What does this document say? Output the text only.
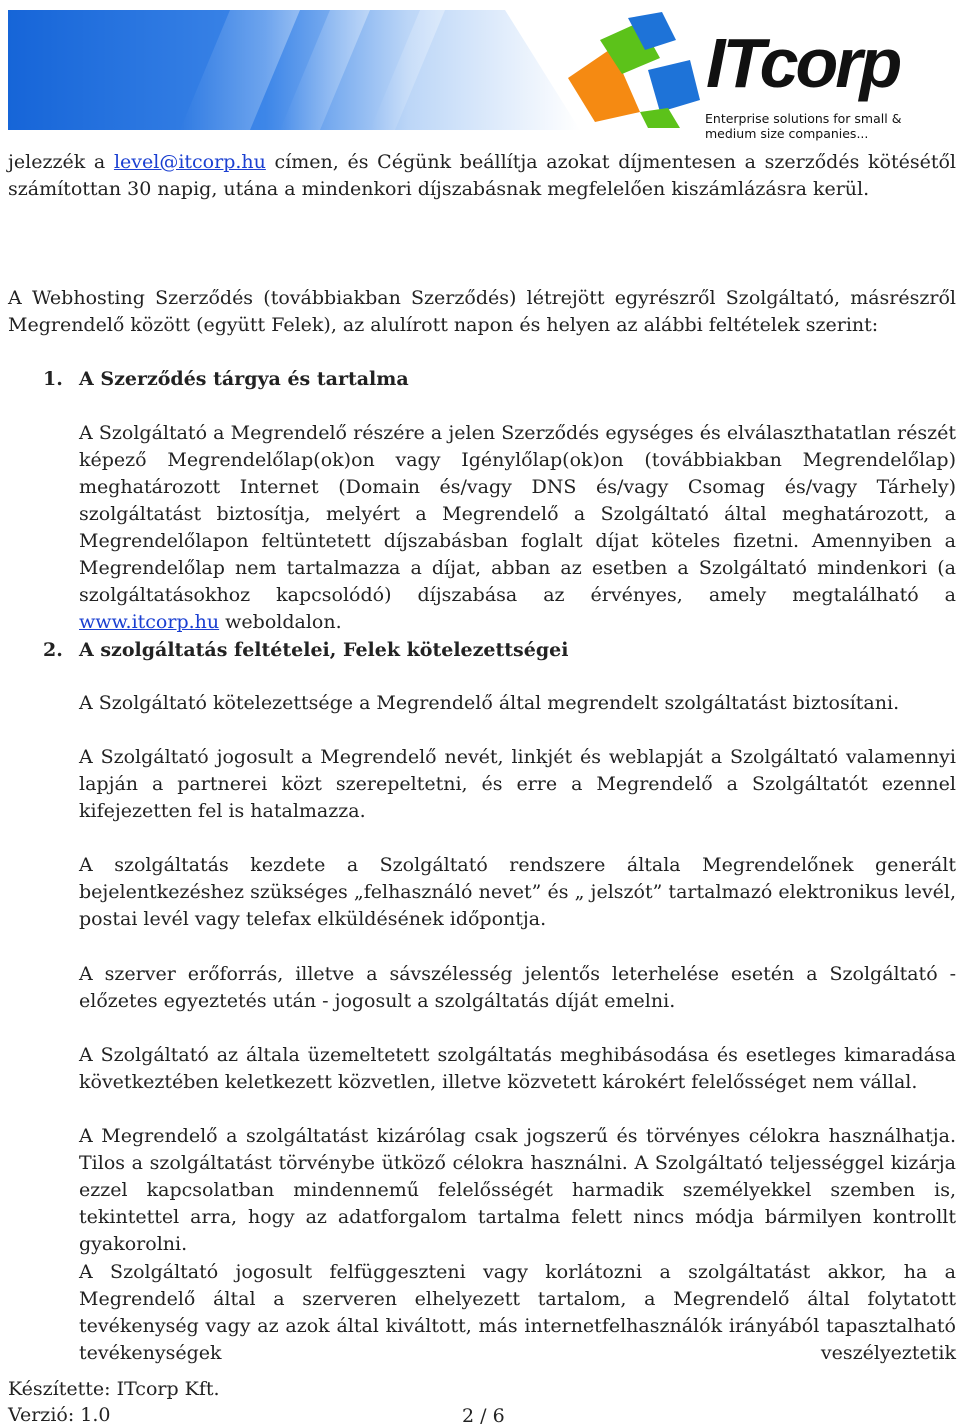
ITcorp
Enterprise solutions for small &
medium size companies...

jelezzék a level@itcorp.hu címen, és Cégünk beállítja azokat díjmentesen a szerződés kötésétől számítottan 30 napig, utána a mindenkori díjszabásnak megfelelően kiszámlázásra kerül.

A Webhosting Szerződés (továbbiakban Szerződés) létrejött egyrészről Szolgáltató, másrészről Megrendelő között (együtt Felek), az alulírott napon és helyen az alábbi feltételek szerint:

1. A Szerződés tárgya és tartalma

A Szolgáltató a Megrendelő részére a jelen Szerződés egységes és elválaszthatatlan részét képező Megrendelőlap(ok)on vagy Igénylőlap(ok)on (továbbiakban Megrendelőlap) meghatározott Internet (Domain és/vagy DNS és/vagy Csomag és/vagy Tárhely) szolgáltatást biztosítja, melyért a Megrendelő a Szolgáltató által meghatározott, a Megrendelőlapon feltüntetett díjszabásban foglalt díjat köteles fizetni. Amennyiben a Megrendelőlap nem tartalmazza a díjat, abban az esetben a Szolgáltató mindenkori (a szolgáltatásokhoz kapcsolódó) díjszabása az érvényes, amely megtalálható a www.itcorp.hu weboldalon.

2. A szolgáltatás feltételei, Felek kötelezettségei

A Szolgáltató kötelezettsége a Megrendelő által megrendelt szolgáltatást biztosítani.

A Szolgáltató jogosult a Megrendelő nevét, linkjét és weblapját a Szolgáltató valamennyi lapján a partnerei közt szerepeltetni, és erre a Megrendelő a Szolgáltatót ezennel kifejezetten fel is hatalmazza.

A szolgáltatás kezdete a Szolgáltató rendszere általa Megrendelőnek generált bejelentkezéshez szükséges „felhasználó nevet” és „ jelszót” tartalmazó elektronikus levél, postai levél vagy telefax elküldésének időpontja.

A szerver erőforrás, illetve a sávszélesség jelentős leterhelése esetén a Szolgáltató - előzetes egyeztetés után - jogosult a szolgáltatás díját emelni.

A Szolgáltató az általa üzemeltetett szolgáltatás meghibásodása és esetleges kimaradása következtében keletkezett közvetlen, illetve közvetett károkért felelősséget nem vállal.

A Megrendelő a szolgáltatást kizárólag csak jogszerű és törvényes célokra használhatja. Tilos a szolgáltatást törvénybe ütköző célokra használni. A Szolgáltató teljességgel kizárja ezzel kapcsolatban mindennemű felelősségét harmadik személyekkel szemben is, tekintettel arra, hogy az adatforgalom tartalma felett nincs módja bármilyen kontrollt gyakorolni.

A Szolgáltató jogosult felfüggeszteni vagy korlátozni a szolgáltatást akkor, ha a Megrendelő által a szerveren elhelyezett tartalom, a Megrendelő által folytatott tevékenység vagy az azok által kiváltott, más internetfelhasználók irányából tapasztalható tevékenységek veszélyeztetik

Készítette: ITcorp Kft.
Verzió: 1.0	2 / 6
